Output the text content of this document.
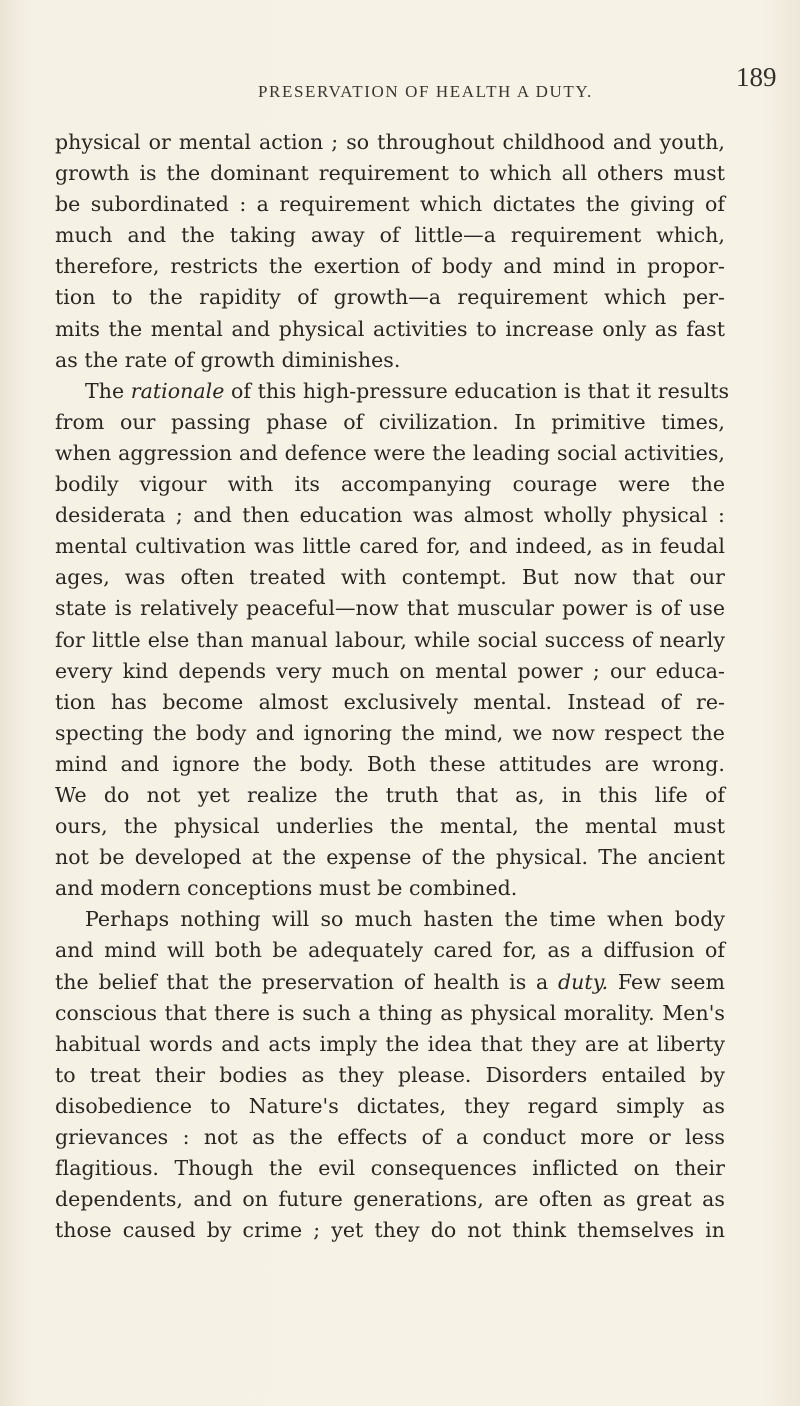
PRESERVATION OF HEALTH A DUTY.	189
physical or mental action ; so throughout childhood and youth,
growth is the dominant requirement to which all others must
be subordinated : a requirement which dictates the giving of
much and the taking away of little—a requirement which,
therefore, restricts the exertion of body and mind in propor-
tion to the rapidity of growth—a requirement which per-
mits the mental and physical activities to increase only as fast
as the rate of growth diminishes.
The rationale of this high-pressure education is that it results
from our passing phase of civilization. In primitive times,
when aggression and defence were the leading social activities,
bodily vigour with its accompanying courage were the
desiderata ; and then education was almost wholly physical :
mental cultivation was little cared for, and indeed, as in feudal
ages, was often treated with contempt. But now that our
state is relatively peaceful—now that muscular power is of use
for little else than manual labour, while social success of nearly
every kind depends very much on mental power ; our educa-
tion has become almost exclusively mental. Instead of re-
specting the body and ignoring the mind, we now respect the
mind and ignore the body. Both these attitudes are wrong.
We do not yet realize the truth that as, in this life of
ours, the physical underlies the mental, the mental must
not be developed at the expense of the physical. The ancient
and modern conceptions must be combined.
Perhaps nothing will so much hasten the time when body
and mind will both be adequately cared for, as a diffusion of
the belief that the preservation of health is a duty. Few seem
conscious that there is such a thing as physical morality. Men's
habitual words and acts imply the idea that they are at liberty
to treat their bodies as they please. Disorders entailed by
disobedience to Nature's dictates, they regard simply as
grievances : not as the effects of a conduct more or less
flagitious. Though the evil consequences inflicted on their
dependents, and on future generations, are often as great as
those caused by crime ; yet they do not think themselves in
